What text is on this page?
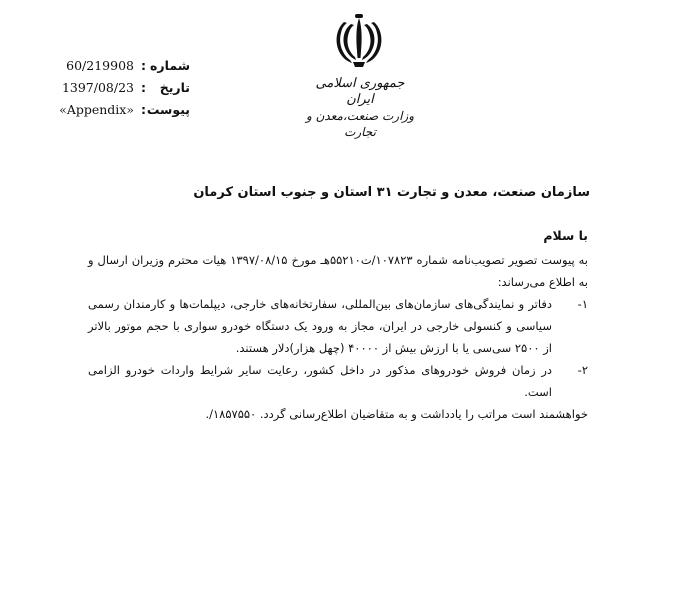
جمهوری اسلامی ایران
وزارت صنعت،معدن و تجارت
شماره
:
60/219908
تاریخ
:
1397/08/23
پیوست
:
«Appendix»
سازمان صنعت، معدن و تجارت ۳۱ استان و جنوب استان کرمان
با سلام
به پیوست تصویر تصویب‌نامه شماره ۱۰۷۸۲۳/ت۵۵۲۱۰هـ مورخ ۱۳۹۷/۰۸/۱۵ هیات محترم وزیران ارسال و به اطلاع می‌رساند:
۱-
دفاتر و نمایندگی‌های سازمان‌های بین‌المللی، سفارتخانه‌های خارجی، دیپلمات‌ها و کارمندان رسمی سیاسی و کنسولی خارجی در ایران، مجاز به ورود یک دستگاه خودرو سواری با حجم موتور بالاتر از ۲۵۰۰ سی‌سی یا با ارزش بیش از ۴۰۰۰۰ (چهل هزار)دلار هستند.
۲-
در زمان فروش خودروهای مذکور در داخل کشور، رعایت سایر شرایط واردات خودرو الزامی است.
خواهشمند است مراتب را یادداشت و به متقاضیان اطلاع‌رسانی گردد. ۱۸۵۷۵۵۰/.
